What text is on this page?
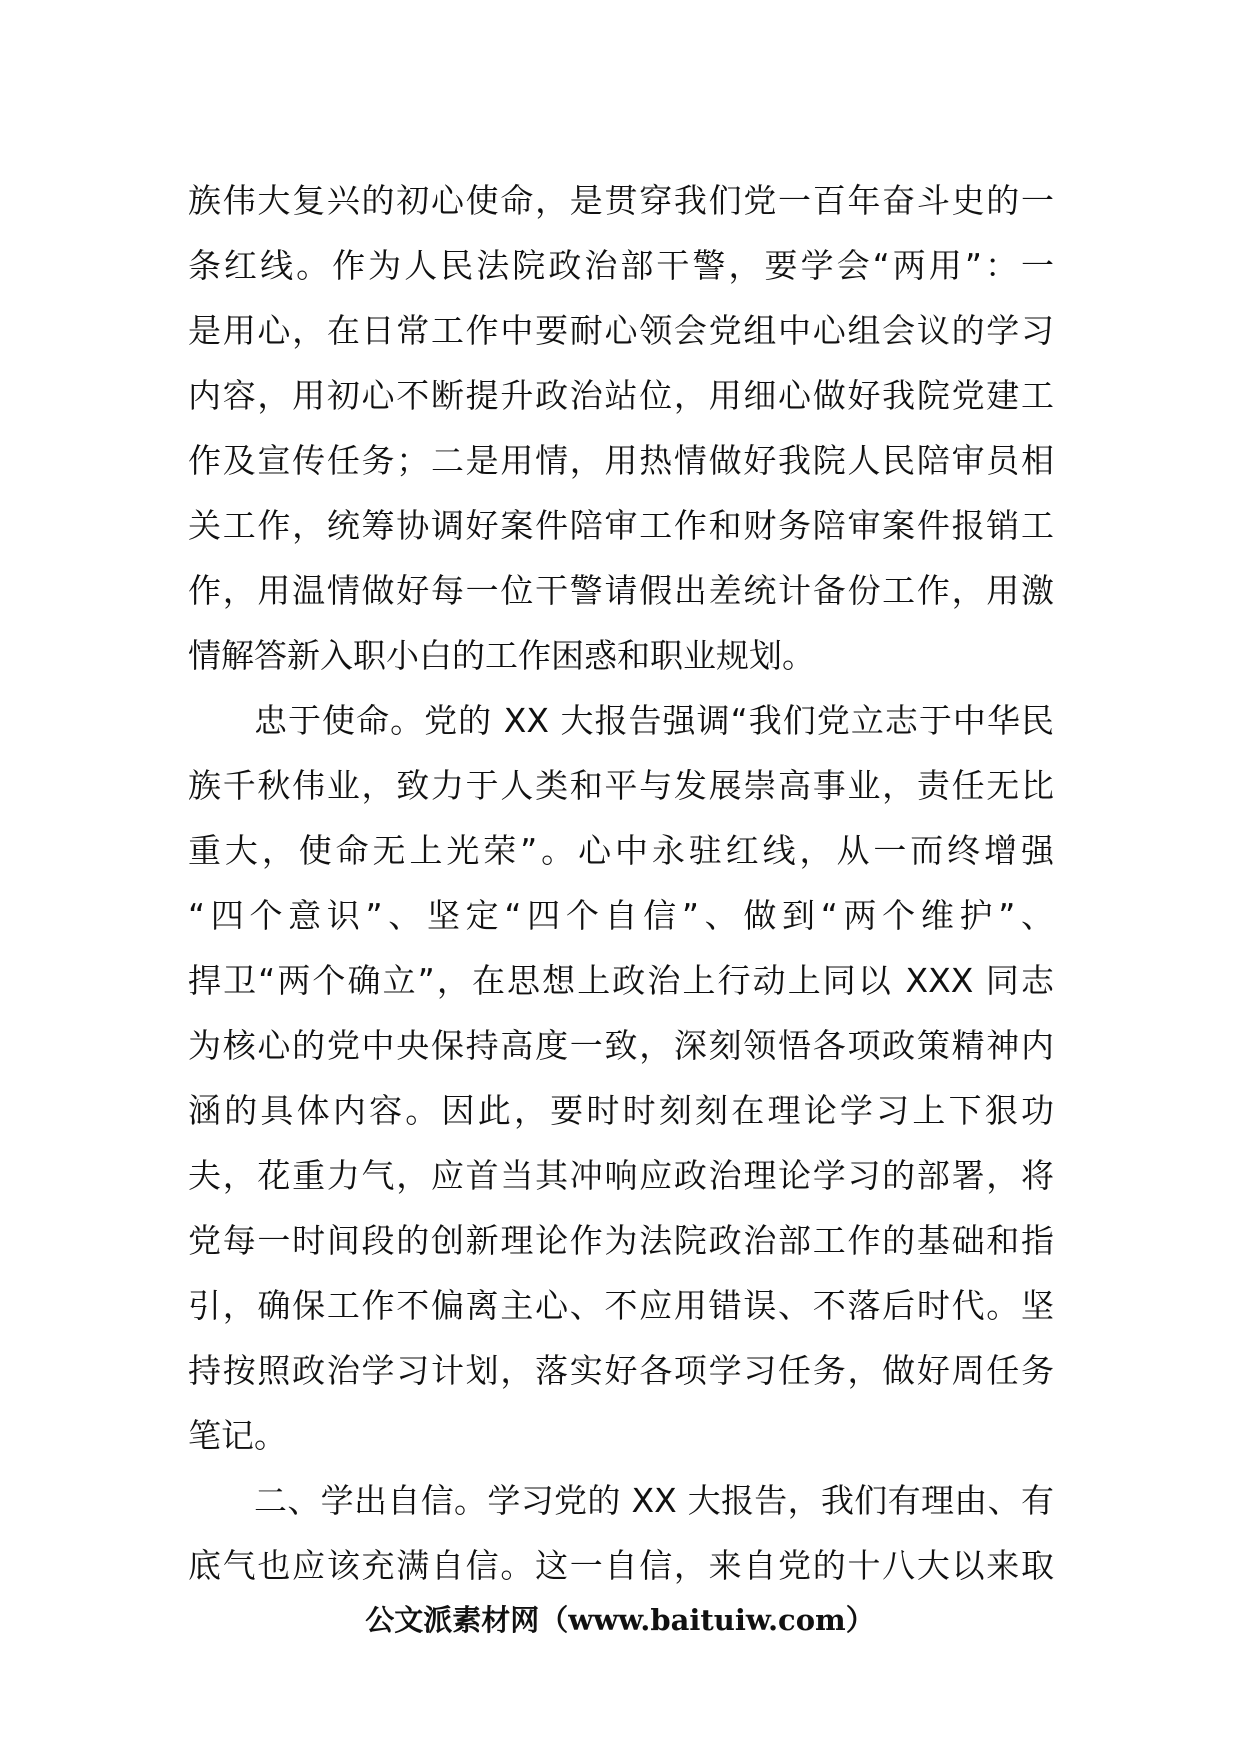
族伟大复兴的初心使命，是贯穿我们党一百年奋斗史的一
条红线。作为人民法院政治部干警，要学会“两用”：一
是用心，在日常工作中要耐心领会党组中心组会议的学习
内容，用初心不断提升政治站位，用细心做好我院党建工
作及宣传任务；二是用情，用热情做好我院人民陪审员相
关工作，统筹协调好案件陪审工作和财务陪审案件报销工
作，用温情做好每一位干警请假出差统计备份工作，用激
情解答新入职小白的工作困惑和职业规划。
忠于使命。党的 XX 大报告强调“我们党立志于中华民
族千秋伟业，致力于人类和平与发展崇高事业，责任无比
重大，使命无上光荣”。心中永驻红线，从一而终增强
“四个意识”、坚定“四个自信”、做到“两个维护”、
捍卫“两个确立”，在思想上政治上行动上同以 XXX 同志
为核心的党中央保持高度一致，深刻领悟各项政策精神内
涵的具体内容。因此，要时时刻刻在理论学习上下狠功
夫，花重力气，应首当其冲响应政治理论学习的部署，将
党每一时间段的创新理论作为法院政治部工作的基础和指
引，确保工作不偏离主心、不应用错误、不落后时代。坚
持按照政治学习计划，落实好各项学习任务，做好周任务
笔记。
二、学出自信。学习党的 XX 大报告，我们有理由、有
底气也应该充满自信。这一自信，来自党的十八大以来取
公文派素材网（www.baituiw.com）
